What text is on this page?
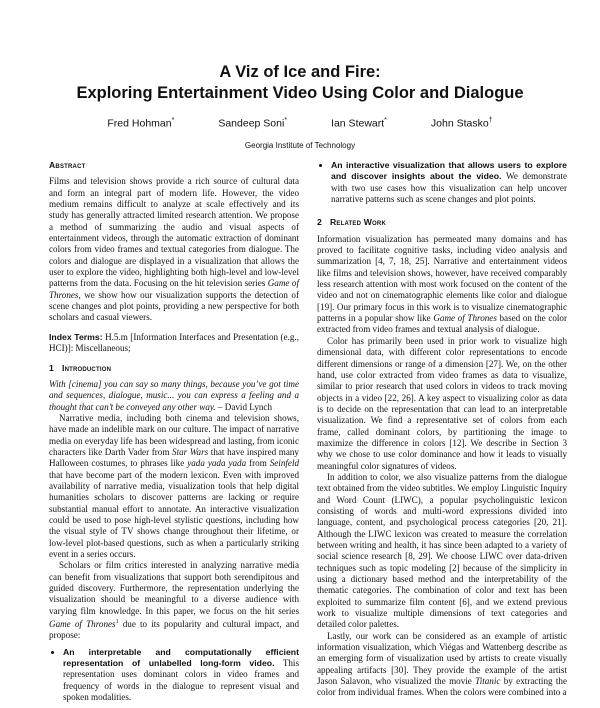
A Viz of Ice and Fire:
Exploring Entertainment Video Using Color and Dialogue
Fred Hohman*	Sandeep Soni*	Ian Stewart*	John Stasko†
Georgia Institute of Technology
Abstract

Films and television shows provide a rich source of cultural data and form an integral part of modern life. However, the video medium remains difficult to analyze at scale effectively and its study has generally attracted limited research attention. We propose a method of summarizing the audio and visual aspects of entertainment videos, through the automatic extraction of dominant colors from video frames and textual categories from dialogue. The colors and dialogue are displayed in a visualization that allows the user to explore the video, highlighting both high-level and low-level patterns from the data. Focusing on the hit television series Game of Thrones, we show how our visualization supports the detection of scene changes and plot points, providing a new perspective for both scholars and casual viewers.

Index Terms: H.5.m [Information Interfaces and Presentation (e.g., HCI)]: Miscellaneous;

1 Introduction

With [cinema] you can say so many things, because you’ve got time and sequences, dialogue, music... you can express a feeling and a thought that can’t be conveyed any other way. – David Lynch

Narrative media, including both cinema and television shows, have made an indelible mark on our culture. The impact of narrative media on everyday life has been widespread and lasting, from iconic characters like Darth Vader from Star Wars that have inspired many Halloween costumes, to phrases like yada yada yada from Seinfeld that have become part of the modern lexicon. Even with improved availability of narrative media, visualization tools that help digital humanities scholars to discover patterns are lacking or require substantial manual effort to annotate. An interactive visualization could be used to pose high-level stylistic questions, including how the visual style of TV shows change throughout their lifetime, or low-level plot-based questions, such as when a particularly striking event in a series occurs.

Scholars or film critics interested in analyzing narrative media can benefit from visualizations that support both serendipitous and guided discovery. Furthermore, the representation underlying the visualization should be meaningful to a diverse audience with varying film knowledge. In this paper, we focus on the hit series Game of Thrones$^1$ due to its popularity and cultural impact, and propose:

• An interpretable and computationally efficient representation of unlabelled long-form video. This representation uses dominant colors in video frames and frequency of words in the dialogue to represent visual and spoken modalities.
• An interactive visualization that allows users to explore and discover insights about the video. We demonstrate with two use cases how this visualization can help uncover narrative patterns such as scene changes and plot points.
2 Related Work

Information visualization has permeated many domains and has proved to facilitate cognitive tasks, including video analysis and summarization [4, 7, 18, 25]. Narrative and entertainment videos like films and television shows, however, have received comparably less research attention with most work focused on the content of the video and not on cinematographic elements like color and dialogue [19]. Our primary focus in this work is to visualize cinematographic patterns in a popular show like Game of Thrones based on the color extracted from video frames and textual analysis of dialogue.

Color has primarily been used in prior work to visualize high dimensional data, with different color representations to encode different dimensions or range of a dimension [27]. We, on the other hand, use color extracted from video frames as data to visualize, similar to prior research that used colors in videos to track moving objects in a video [22, 26]. A key aspect to visualizing color as data is to decide on the representation that can lead to an interpretable visualization. We find a representative set of colors from each frame, called dominant colors, by partitioning the image to maximize the difference in colors [12]. We describe in Section 3 why we chose to use color dominance and how it leads to visually meaningful color signatures of videos.

In addition to color, we also visualize patterns from the dialogue text obtained from the video subtitles. We employ Linguistic Inquiry and Word Count (LIWC), a popular psycholinguistic lexicon consisting of words and multi-word expressions divided into language, content, and psychological process categories [20, 21]. Although the LIWC lexicon was created to measure the correlation between writing and health, it has since been adapted to a variety of social science research [8, 29]. We choose LIWC over data-driven techniques such as topic modeling [2] because of the simplicity in using a dictionary based method and the interpretability of the thematic categories. The combination of color and text has been exploited to summarize film content [6], and we extend previous work to visualize multiple dimensions of text categories and detailed color palettes.

Lastly, our work can be considered as an example of artistic information visualization, which Viégas and Wattenberg describe as an emerging form of visualization used by artists to create visually appealing artifacts [30]. They provide the example of the artist Jason Salavon, who visualized the movie Titanic by extracting the color from individual frames. When the colors were combined into a
